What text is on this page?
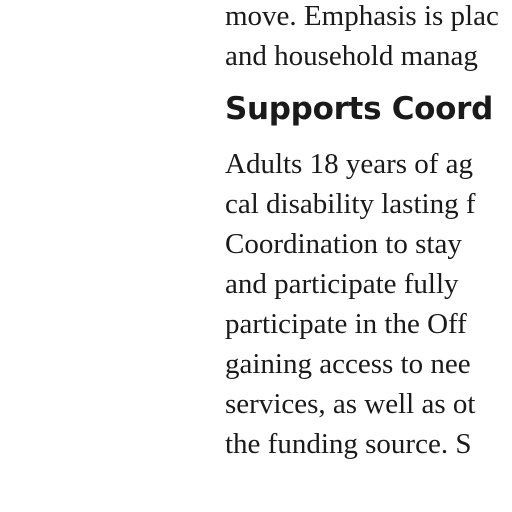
move. Emphasis is plac
and household manag
Supports Coord
Adults 18 years of ag
cal disability lasting f
Coordination to stay
and participate fully
participate in the Off
gaining access to nee
services, as well as ot
the funding source. S
